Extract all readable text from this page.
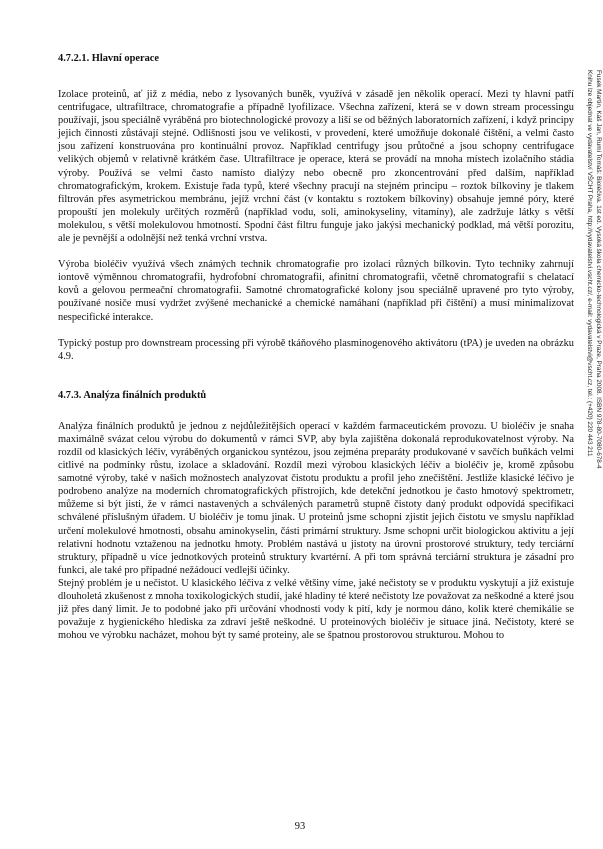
4.7.2.1. Hlavní operace

Izolace proteinů, ať již z média, nebo z lysovaných buněk, využívá v zásadě jen několik operací. Mezi ty hlavní patří centrifugace, ultrafiltrace, chromatografie a případně lyofilizace. Všechna zařízení, která se v down stream processingu používají, jsou speciálně vyráběná pro biotechnologické provozy a liší se od běžných laboratorních zařízení, i když principy jejich činnosti zůstávají stejné. Odlišnosti jsou ve velikosti, v provedení, které umožňuje dokonalé čištění, a velmi často jsou zařízení konstruována pro kontinuální provoz. Například centrifugy jsou průtočné a jsou schopny centrifugace velikých objemů v relativně krátkém čase. Ultrafiltrace je operace, která se provádí na mnoha místech izolačního stádia výroby. Používá se velmi často namísto dialýzy nebo obecně pro zkoncentrování před dalším, například chromatografickým, krokem. Existuje řada typů, které všechny pracují na stejném principu – roztok bílkoviny je tlakem filtrován přes asymetrickou membránu, jejíž vrchní část (v kontaktu s roztokem bílkoviny) obsahuje jemné póry, které propouští jen molekuly určitých rozměrů (například vodu, soli, aminokyseliny, vitamíny), ale zadržuje látky s větší molekulou, s větší molekulovou hmotností. Spodní část filtru funguje jako jakýsi mechanický podklad, má větší porozitu, ale je pevnější a odolnější než tenká vrchní vrstva.

Výroba biol​éčiv využívá všech známých technik chromatografie pro izolaci různých bílkovin. Tyto techniky zahrnují iontově výměnnou chromatografii, hydrofobní chromatografii, afinitní chromatografii, včetně chromatografií s chelatací kovů a gelovou permeační chromatografii. Samotné chromatografické kolony jsou speciálně upravené pro tyto výroby, používané nosiče musí vydržet zvýšené mechanické a chemické namáhaní (například při čištění) a musí minimalizovat nespecifické interakce.

Typický postup pro downstream processing při výrobě tkáňového plasminogenového aktivátoru (tPA) je uveden na obrázku 4.9.

4.7.3. Analýza finálních produktů

Analýza finálních produktů je jednou z nejdůležitějších operací v každém farmaceutickém provozu. U biol​éčiv je snaha maximálně svázat celou výrobu do dokumentů v rámci SVP, aby byla zajištěna dokonalá reprodukovatelnost výroby. Na rozdíl od klasických léčiv, vyráběných organickou syntézou, jsou zejména preparáty produkované v savčích buňkách velmi citlivé na podmínky růstu, izolace a skladování. Rozdíl mezi výrobou klasických léčiv a biol​éčiv je, kromě způsobu samotné výroby, také v našich možnostech analyzovat čistotu produktu a profil jeho znečištění. Jestliže klasické léčivo je podrobeno analýze na moderních chromatografických přístrojích, kde detekční jednotkou je často hmotový spektrometr, můžeme si být jisti, že v rámci nastavených a schválených parametrů stupně čistoty daný produkt odpovídá specifikaci schválené příslušným úřadem. U biol​éčiv je tomu jinak. U proteinů jsme schopni zjistit jejich čistotu ve smyslu například určení molekulové hmotnosti, obsahu aminokyselin, části primární struktury. Jsme schopni určit biologickou aktivitu a její relativní hodnotu vztaženou na jednotku hmoty. Problém nastává u jistoty na úrovni prostorové struktury, tedy terciární struktury, případně u více jednotkových proteinů struktury kvartérní. A při tom správná terciární struktura je zásadní pro funkci, ale také pro případné nežádoucí vedlejší účinky.

Stejný problém je u nečistot. U klasického léčiva z velké většiny víme, jaké nečistoty se v produktu vyskytují a již existuje dlouholetá zkušenost z mnoha toxikologických studií, jaké hladiny té které nečistoty lze považovat za neškodné a které jsou již přes daný limit. Je to podobné jako při určování vhodnosti vody k pití, kdy je normou dáno, kolik které chemikálie se považuje z hygienického hlediska za zdraví ještě neškodné. U proteinových biol​éčiv je situace jiná. Nečistoty, které se mohou ve výrobku nacházet, mohou být ty samé proteiny, ale se špatnou prostorovou strukturou. Mohou to

Fusek Martin, Káš Jan, Rumi Tomáš: Biol​éčiva. 1st ed. Vysoká škola chemicko-technologická v Praze, Praha 2008. ISBN 978-80-7080-678-4
Knihu lze objednat ve vydavatelství VŠCHT Praha, http://vydavatelstvi.vscht.cz/, e-mail: vydavatelstvi@vscht.cz, tel.: (+420) 220 443 211
93
